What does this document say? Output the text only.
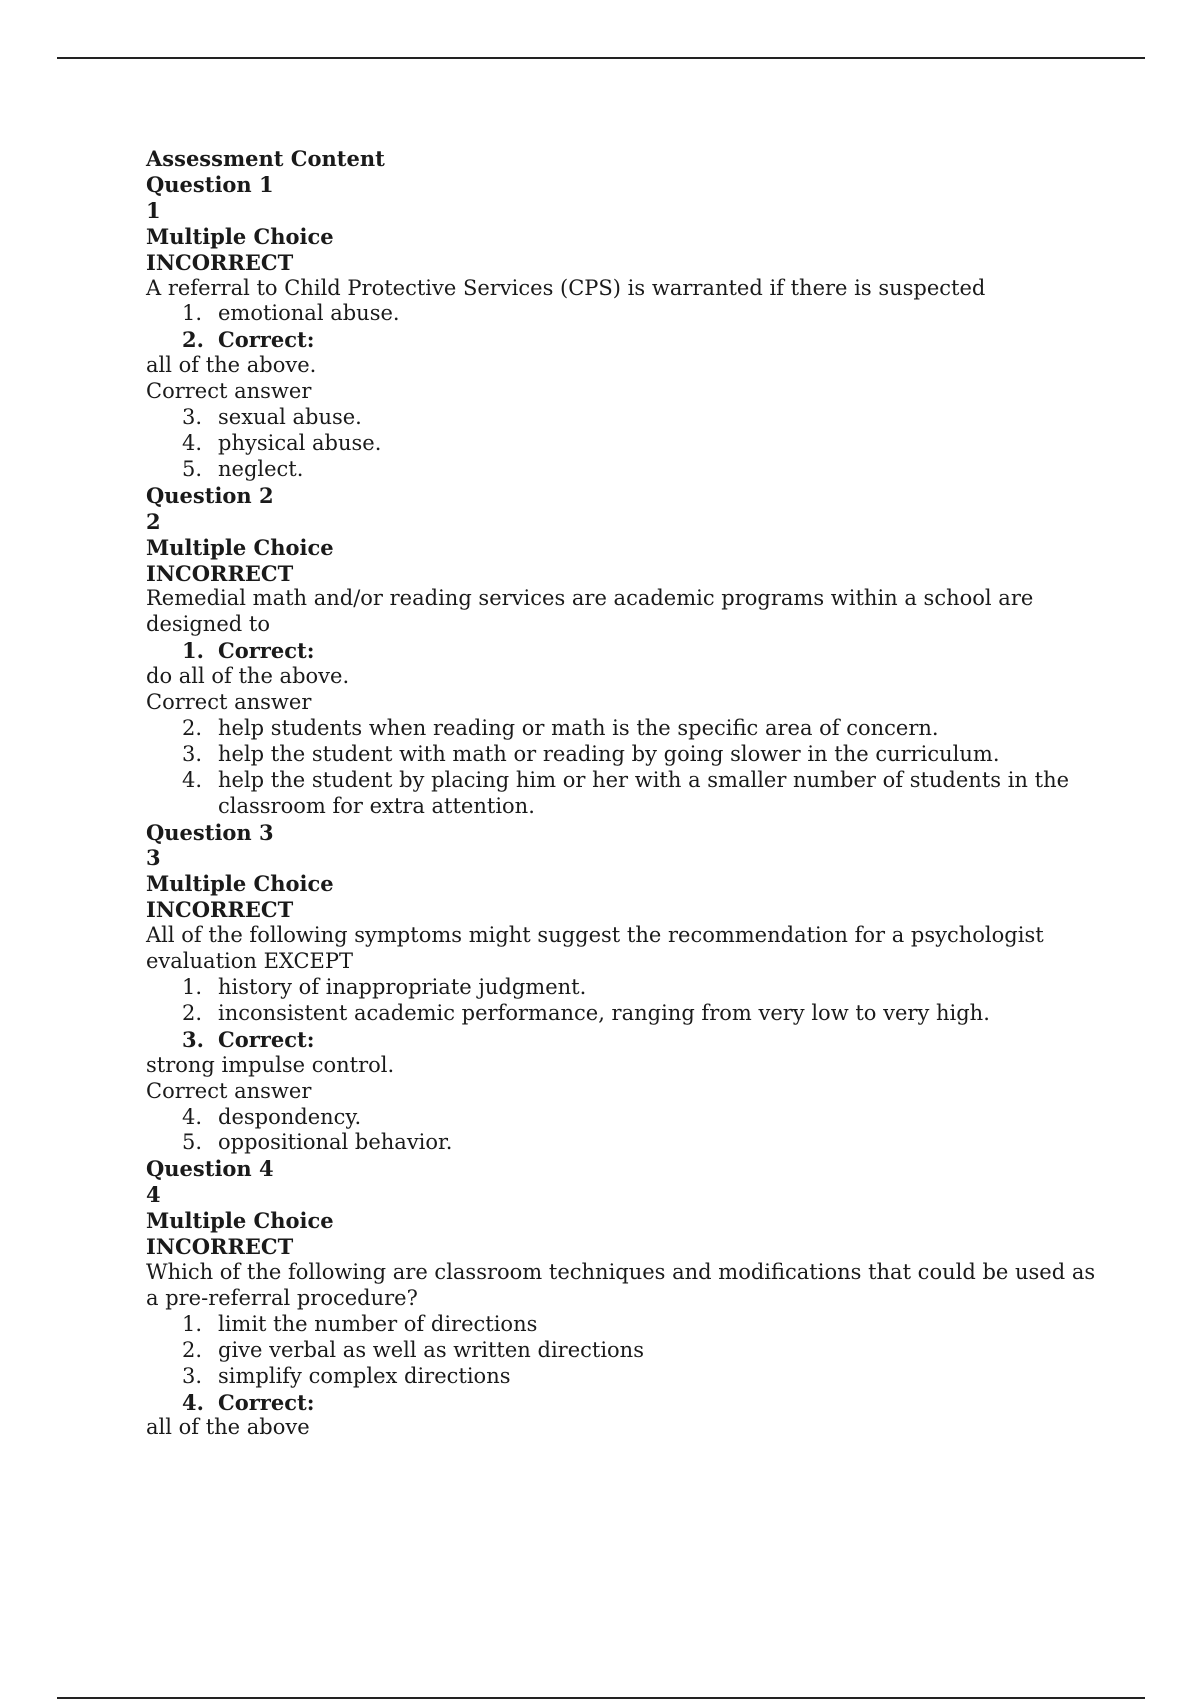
Assessment Content
Question 1
1
Multiple Choice
INCORRECT
A referral to Child Protective Services (CPS) is warranted if there is suspected
1. emotional abuse.
2. Correct:
all of the above.
Correct answer
3. sexual abuse.
4. physical abuse.
5. neglect.
Question 2
2
Multiple Choice
INCORRECT
Remedial math and/or reading services are academic programs within a school are designed to
1. Correct:
do all of the above.
Correct answer
2. help students when reading or math is the specific area of concern.
3. help the student with math or reading by going slower in the curriculum.
4. help the student by placing him or her with a smaller number of students in the classroom for extra attention.
Question 3
3
Multiple Choice
INCORRECT
All of the following symptoms might suggest the recommendation for a psychologist evaluation EXCEPT
1. history of inappropriate judgment.
2. inconsistent academic performance, ranging from very low to very high.
3. Correct:
strong impulse control.
Correct answer
4. despondency.
5. oppositional behavior.
Question 4
4
Multiple Choice
INCORRECT
Which of the following are classroom techniques and modifications that could be used as a pre-referral procedure?
1. limit the number of directions
2. give verbal as well as written directions
3. simplify complex directions
4. Correct:
all of the above
